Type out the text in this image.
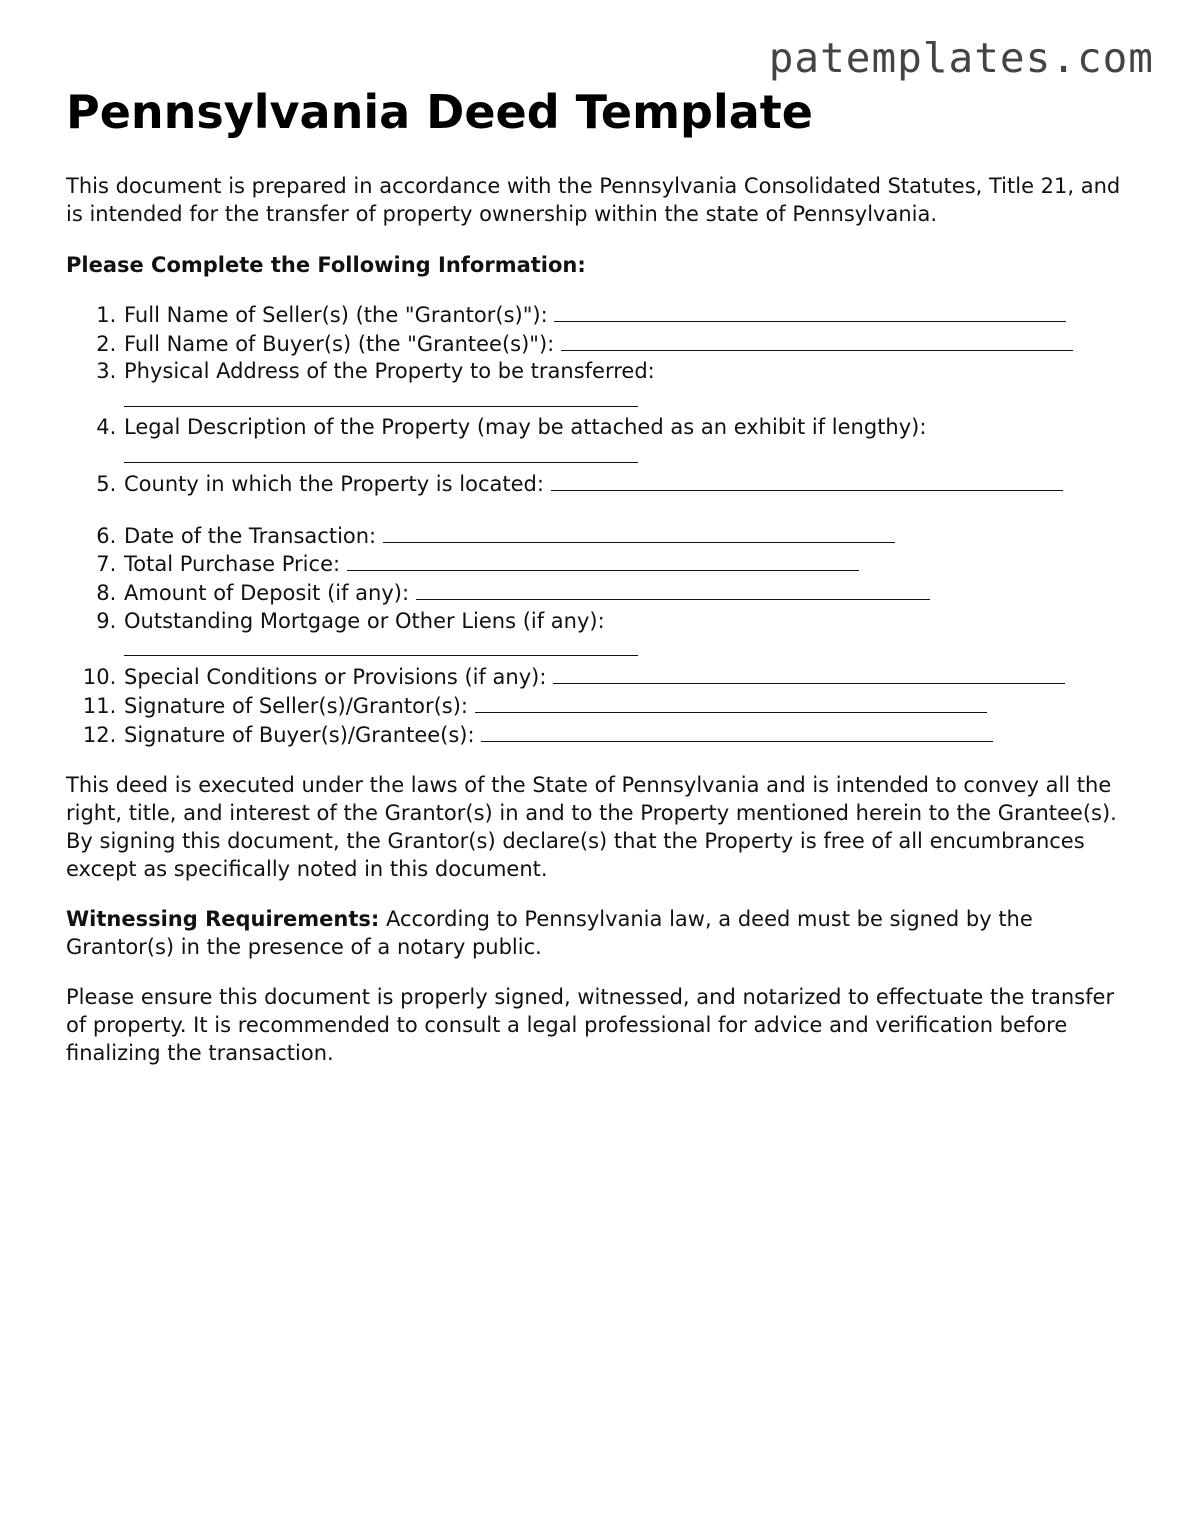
patemplates.com
Pennsylvania Deed Template

This document is prepared in accordance with the Pennsylvania Consolidated Statutes, Title 21, and is intended for the transfer of property ownership within the state of Pennsylvania.

Please Complete the Following Information:

1. Full Name of Seller(s) (the "Grantor(s)"):
2. Full Name of Buyer(s) (the "Grantee(s)"):
3. Physical Address of the Property to be transferred:
4. Legal Description of the Property (may be attached as an exhibit if lengthy):
5. County in which the Property is located:
6. Date of the Transaction:
7. Total Purchase Price:
8. Amount of Deposit (if any):
9. Outstanding Mortgage or Other Liens (if any):
10. Special Conditions or Provisions (if any):
11. Signature of Seller(s)/Grantor(s):
12. Signature of Buyer(s)/Grantee(s):

This deed is executed under the laws of the State of Pennsylvania and is intended to convey all the right, title, and interest of the Grantor(s) in and to the Property mentioned herein to the Grantee(s). By signing this document, the Grantor(s) declare(s) that the Property is free of all encumbrances except as specifically noted in this document.

Witnessing Requirements: According to Pennsylvania law, a deed must be signed by the Grantor(s) in the presence of a notary public.

Please ensure this document is properly signed, witnessed, and notarized to effectuate the transfer of property. It is recommended to consult a legal professional for advice and verification before finalizing the transaction.
